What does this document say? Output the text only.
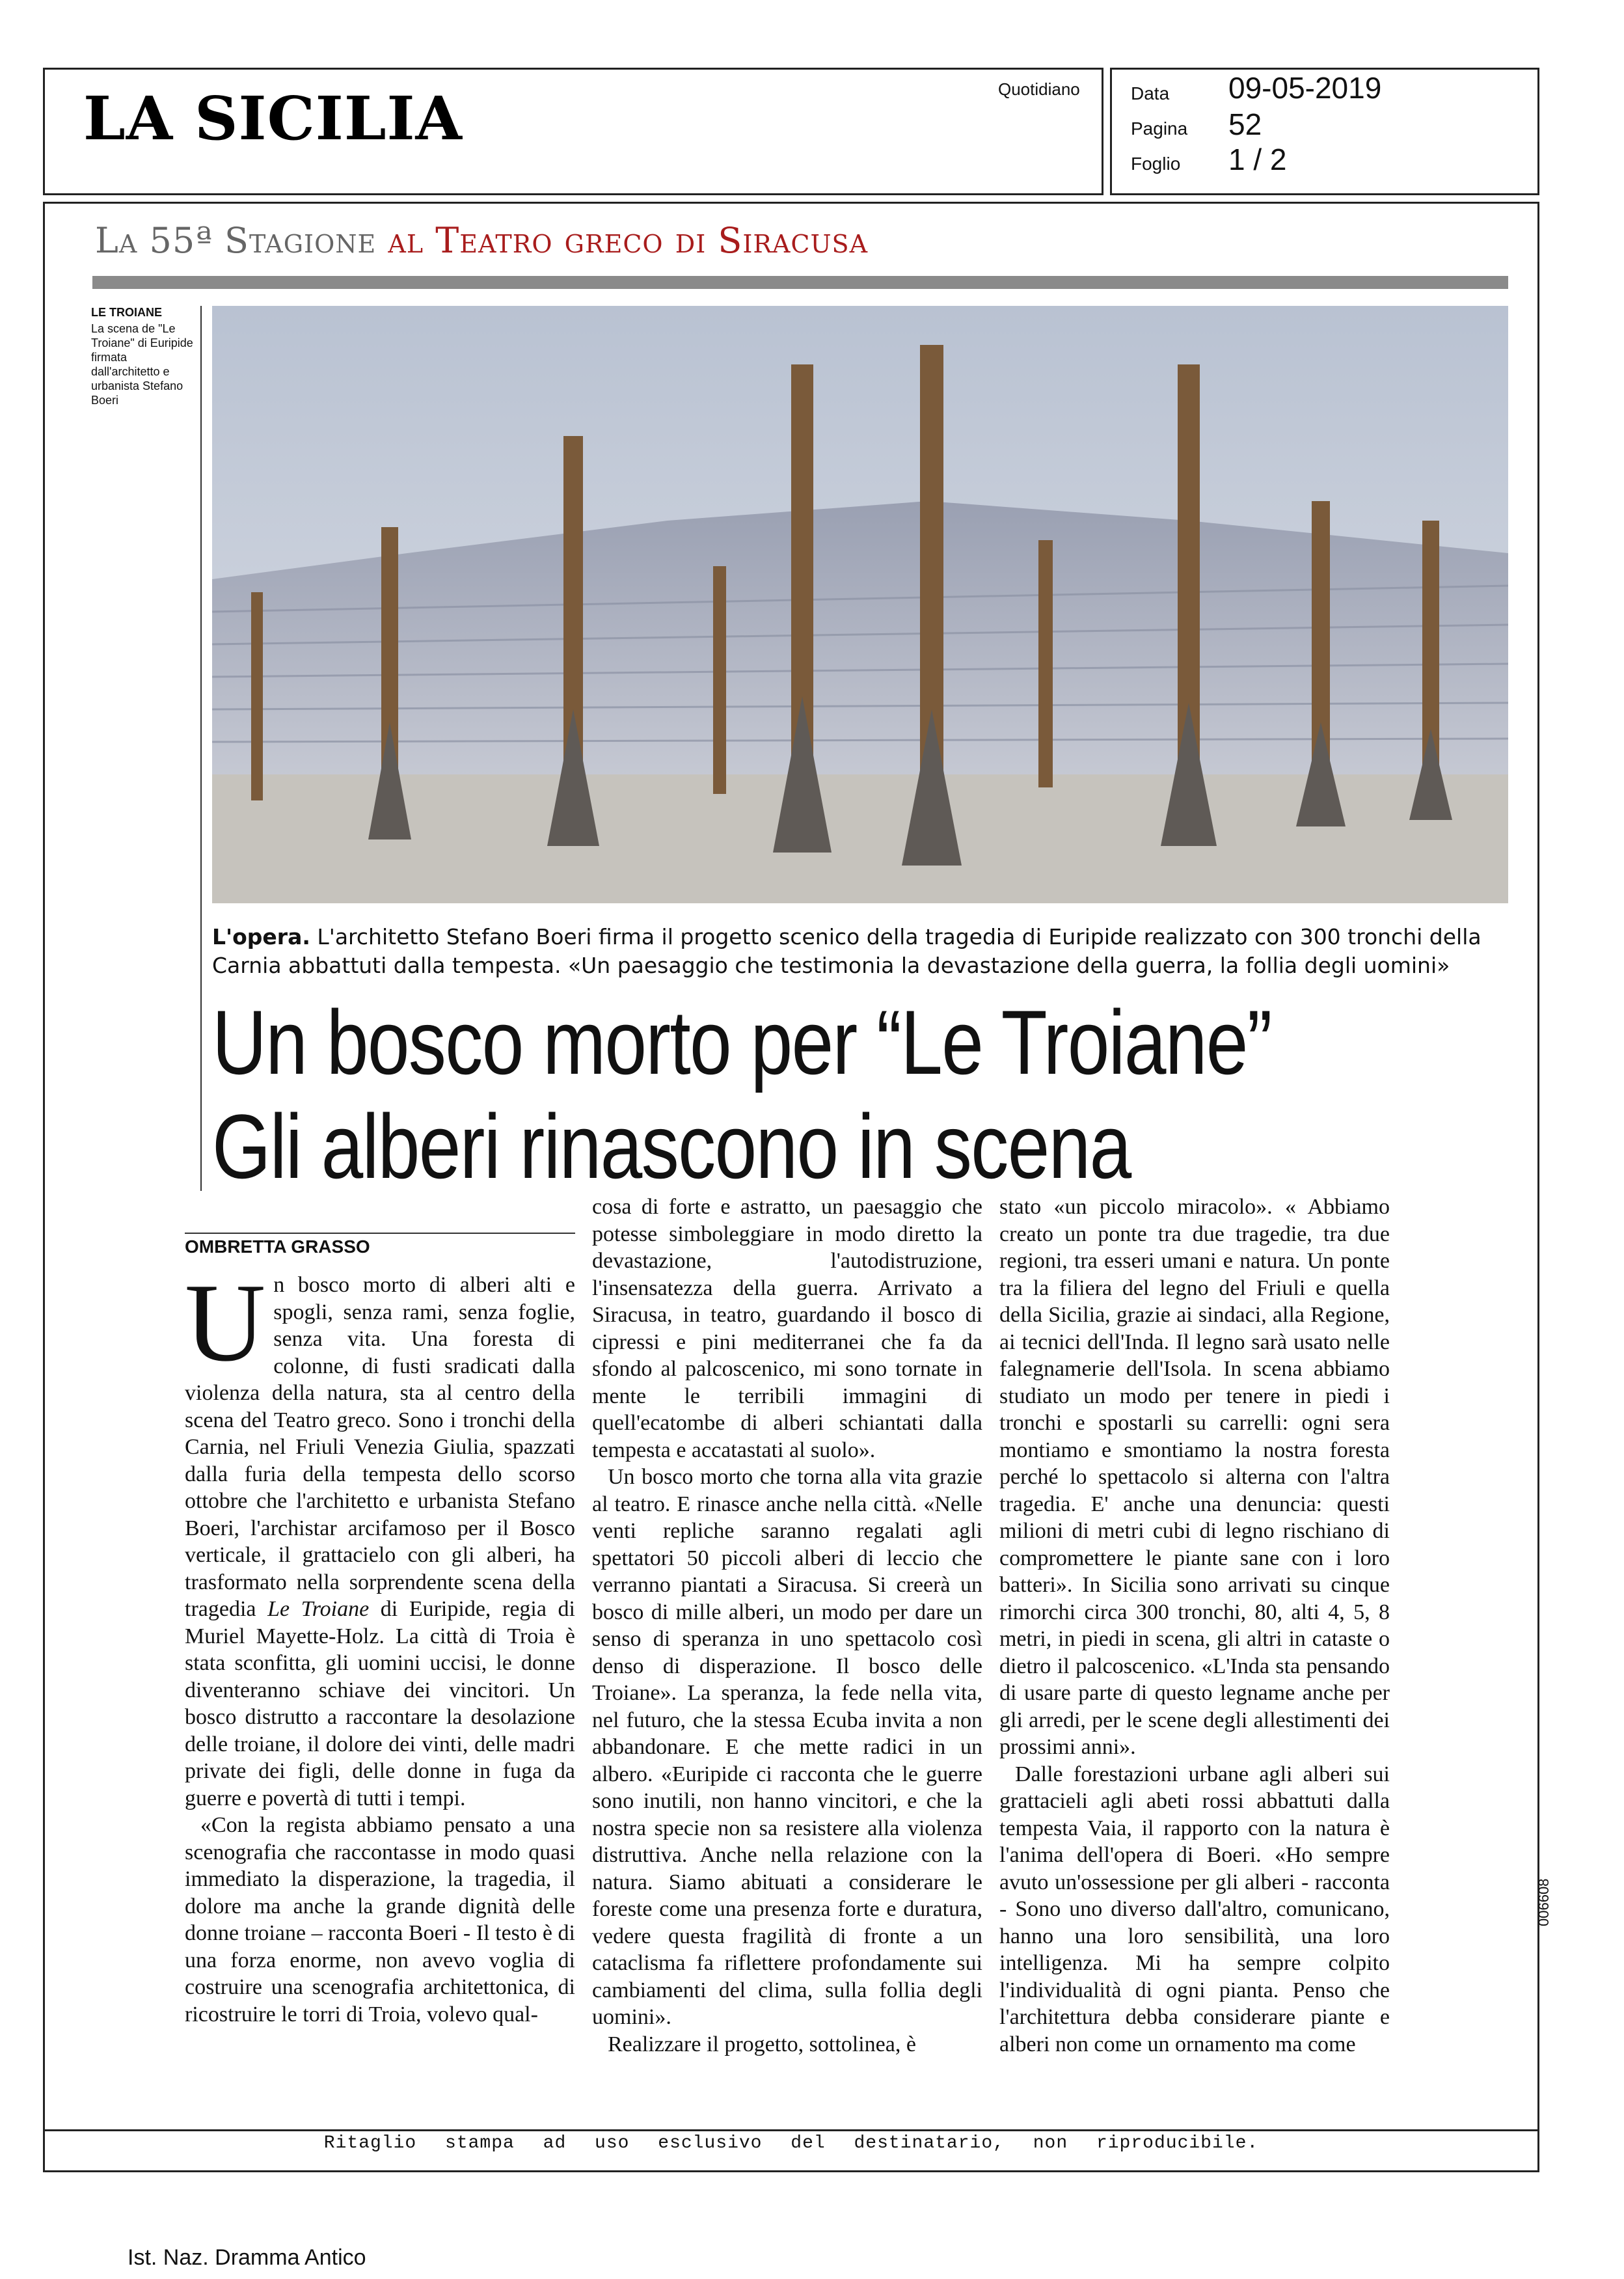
LA SICILIA	Quotidiano	Data 09-05-2019
Pagina 52
Foglio 1 / 2
La 55ª Stagione al Teatro greco di Siracusa
LE TROIANE
La scena de "Le Troiane" di Euripide firmata dall'architetto e urbanista Stefano Boeri
L'opera. L'architetto Stefano Boeri firma il progetto scenico della tragedia di Euripide realizzato con 300 tronchi della Carnia abbattuti dalla tempesta. «Un paesaggio che testimonia la devastazione della guerra, la follia degli uomini»
Un bosco morto per “Le Troiane”
Gli alberi rinascono in scena
OMBRETTA GRASSO

Un bosco morto di alberi alti e spogli, senza rami, senza foglie, senza vita. Una foresta di colonne, di fusti sradicati dalla violenza della natura, sta al centro della scena del Teatro greco. Sono i tronchi della Carnia, nel Friuli Venezia Giulia, spazzati dalla furia della tempesta dello scorso ottobre che l'architetto e urbanista Stefano Boeri, l'archistar arcifamoso per il Bosco verticale, il grattacielo con gli alberi, ha trasformato nella sorprendente scena della tragedia Le Troiane di Euripide, regia di Muriel Mayette-Holz. La città di Troia è stata sconfitta, gli uomini uccisi, le donne diventeranno schiave dei vincitori. Un bosco distrutto a raccontare la desolazione delle troiane, il dolore dei vinti, delle madri private dei figli, delle donne in fuga da guerre e povertà di tutti i tempi.

«Con la regista abbiamo pensato a una scenografia che raccontasse in modo quasi immediato la disperazione, la tragedia, il dolore ma anche la grande dignità delle donne troiane – racconta Boeri - Il testo è di una forza enorme, non avevo voglia di costruire una scenografia architettonica, di ricostruire le torri di Troia, volevo qual-

cosa di forte e astratto, un paesaggio che potesse simboleggiare in modo diretto la devastazione, l'autodistruzione, l'insensatezza della guerra. Arrivato a Siracusa, in teatro, guardando il bosco di cipressi e pini mediterranei che fa da sfondo al palcoscenico, mi sono tornate in mente le terribili immagini di quell'ecatombe di alberi schiantati dalla tempesta e accatastati al suolo».

Un bosco morto che torna alla vita grazie al teatro. E rinasce anche nella città. «Nelle venti repliche saranno regalati agli spettatori 50 piccoli alberi di leccio che verranno piantati a Siracusa. Si creerà un bosco di mille alberi, un modo per dare un senso di speranza in uno spettacolo così denso di disperazione. Il bosco delle Troiane». La speranza, la fede nella vita, nel futuro, che la stessa Ecuba invita a non abbandonare. E che mette radici in un albero. «Euripide ci racconta che le guerre sono inutili, non hanno vincitori, e che la nostra specie non sa resistere alla violenza distruttiva. Anche nella relazione con la natura. Siamo abituati a considerare le foreste come una presenza forte e duratura, vedere questa fragilità di fronte a un cataclisma fa riflettere profondamente sui cambiamenti del clima, sulla follia degli uomini».

Realizzare il progetto, sottolinea, è

stato «un piccolo miracolo». « Abbiamo creato un ponte tra due tragedie, tra due regioni, tra esseri umani e natura. Un ponte tra la filiera del legno del Friuli e quella della Sicilia, grazie ai sindaci, alla Regione, ai tecnici dell'Inda. Il legno sarà usato nelle falegnamerie dell'Isola. In scena abbiamo studiato un modo per tenere in piedi i tronchi e spostarli su carrelli: ogni sera montiamo e smontiamo la nostra foresta perché lo spettacolo si alterna con l'altra tragedia. E' anche una denuncia: questi milioni di metri cubi di legno rischiano di compromettere le piante sane con i loro batteri». In Sicilia sono arrivati su cinque rimorchi circa 300 tronchi, 80, alti 4, 5, 8 metri, in piedi in scena, gli altri in cataste o dietro il palcoscenico. «L'Inda sta pensando di usare parte di questo legname anche per gli arredi, per le scene degli allestimenti dei prossimi anni».

Dalle forestazioni urbane agli alberi sui grattacieli agli abeti rossi abbattuti dalla tempesta Vaia, il rapporto con la natura è l'anima dell'opera di Boeri. «Ho sempre avuto un'ossessione per gli alberi - racconta - Sono uno diverso dall'altro, comunicano, hanno una loro sensibilità, una loro intelligenza. Mi ha sempre colpito l'individualità di ogni pianta. Penso che l'architettura debba considerare piante e alberi non come un ornamento ma come

006608
Ritaglio stampa ad uso esclusivo del destinatario, non riproducibile.
Ist. Naz. Dramma Antico
